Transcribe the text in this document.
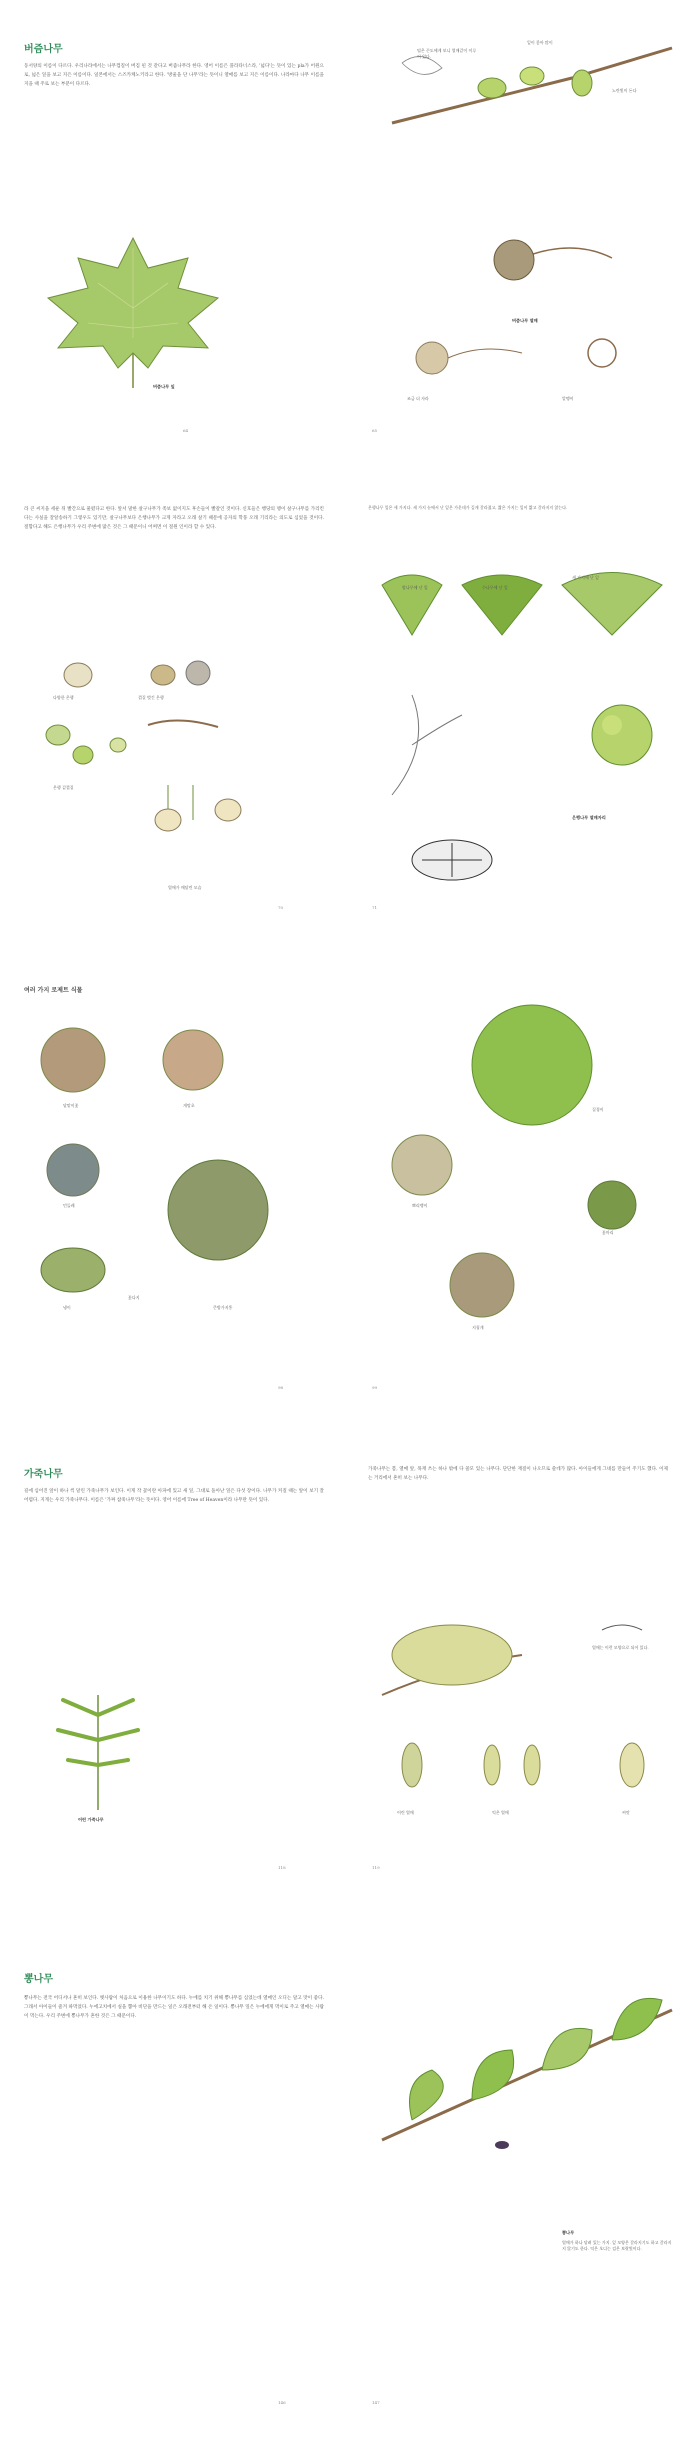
버즘나무
동서양의 이름이 다르다. 우리나라에서는 나무껍질이 버짐 핀 것 같다고 버즘나무라 한다. 영어 이름은 플라타너스라, '넓다'는 뜻이 있는 pla가 어원으로, 넓은 잎을 보고 지은 이름이다. 일본에서는 스즈카케노키라고 한다. '방울을 단 나무'라는 뜻이니 열매를 보고 지은 이름이다. 나라마다 나무 이름을 지을 때 주로 보는 부분이 다르다.
버즘나무 잎
64
털은 끈도에게 보니 열매같이 이루어 있다.
잎이 좋아 많이
노란빛이 돈다
버즘나무 열매
조금 더 자라	알맹이
65
라 큰 씨지을 세운 뒤 빨간으로 물렸다고 한다. 앞서 말한 살구나무가 족보 없이지도 후손들이 빨갈인 것이다. 신호들은 행당의 땡이 살구나무를 가리킨다는 사실을 잘알송하기 그렇우도 있기만, 살구나무보다 은행나무가 크게 자라고 오래 살기 때문에 공자의 학풍 오래 기리라는 의도로 심었을 것이다. 절함다고 해도 은행나무가 우리 주변에 많은 것은 그 때문이니 어쩌면 이 절원 인이라 할 수 있다.
다양한 은행	껍질 벗긴 은행
은행 겉껍질
열매가 매달린 모습
70
은행나무 잎은 세 가지다. 새 가지 눈에서 난 잎은 가운데가 깊게 갈라졌고, 짧은 가지는 잎이 짧고 갈라지지 않는다.
암나무에 난 잎	수나무에 난 잎
새 가지에 난 잎
은행나무 열매자리
71
여러 가지 로제트 식물
달맞이꽃	개망초
민들레
냉이
꽃다지
큰방가지똥
98
질경이
뽀리뱅이
꽃마리
지칭개
99
가죽나무
길에 심어진 앞이 하나 씩 달린 가죽나무가 보인다. 이게 작 꽃이란 아파에 있고 새 잎, 그대로 돌아난 잎은 다섯 장이다. 나무가 커질 때는 앞이 보기 잘 어렵다. 지게는 우리 가죽나무다. 이름은 '가짜 참죽나무'라는 뜻이다. 영어 이름에 Tree of Heaven이라 나무란 뜻이 있다.
어린 가죽나무
118
가죽나무는 봄, 열매 앞, 목재 쓰는 하나 밖에 다 쓸모 있는 나무다. 단단한 재질이 나오므로 쓸데가 많다. 아이들에게 그네를 만들어 주기도 했다. 이제는 거리에서 흔히 보는 나무다.
열매는 이런 모양으로 되어 있다.
어린 열매	익은 열매	씨앗
119
뽕나무
뽕나무는 전국 어디서나 흔히 보인다. 옛사람이 처음으로 이용한 나무이기도 하다. 누에를 치기 위해 뽕나무를 심었는데 열매인 오디는 달고 맛이 좋다. 그래서 아이들이 즐겨 따먹었다. 누에고치에서 실을 뽑아 비단을 만드는 일은 오래전부터 해 온 일이다. 뽕나무 잎은 누에에게 먹이로 주고 열매는 사람이 먹는다. 우리 주변에 뽕나무가 흔한 것은 그 때문이다.
146
뽕나무
열매가 하나 달려 있는 가지. 잎 모양은 갈라지기도 하고 갈라지지 않기도 한다. 익은 오디는 검은 보랏빛이다.
147
